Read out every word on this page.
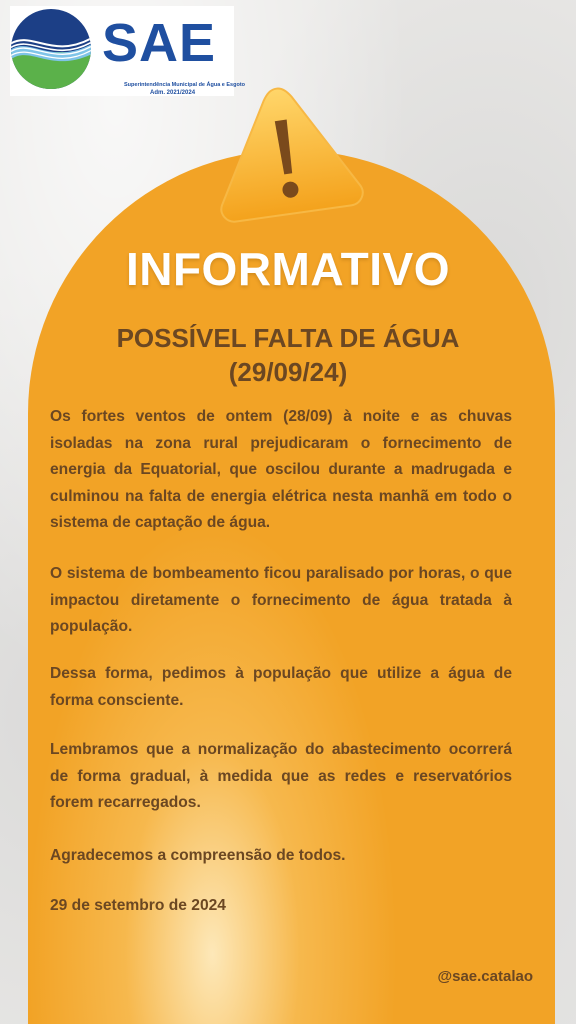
SAE
Superintendência Municipal de Água e Esgoto
Adm. 2021/2024
INFORMATIVO
POSSÍVEL FALTA DE ÁGUA
(29/09/24)

Os fortes ventos de ontem (28/09) à noite e as chuvas isoladas na zona rural prejudicaram o fornecimento de energia da Equatorial, que oscilou durante a madrugada e culminou na falta de energia elétrica nesta manhã em todo o sistema de captação de água.

O sistema de bombeamento ficou paralisado por horas, o que impactou diretamente o fornecimento de água tratada à população.

Dessa forma, pedimos à população que utilize a água de forma consciente.

Lembramos que a normalização do abastecimento ocorrerá de forma gradual, à medida que as redes e reservatórios forem recarregados.

Agradecemos a compreensão de todos.

29 de setembro de 2024

@sae.catalao
